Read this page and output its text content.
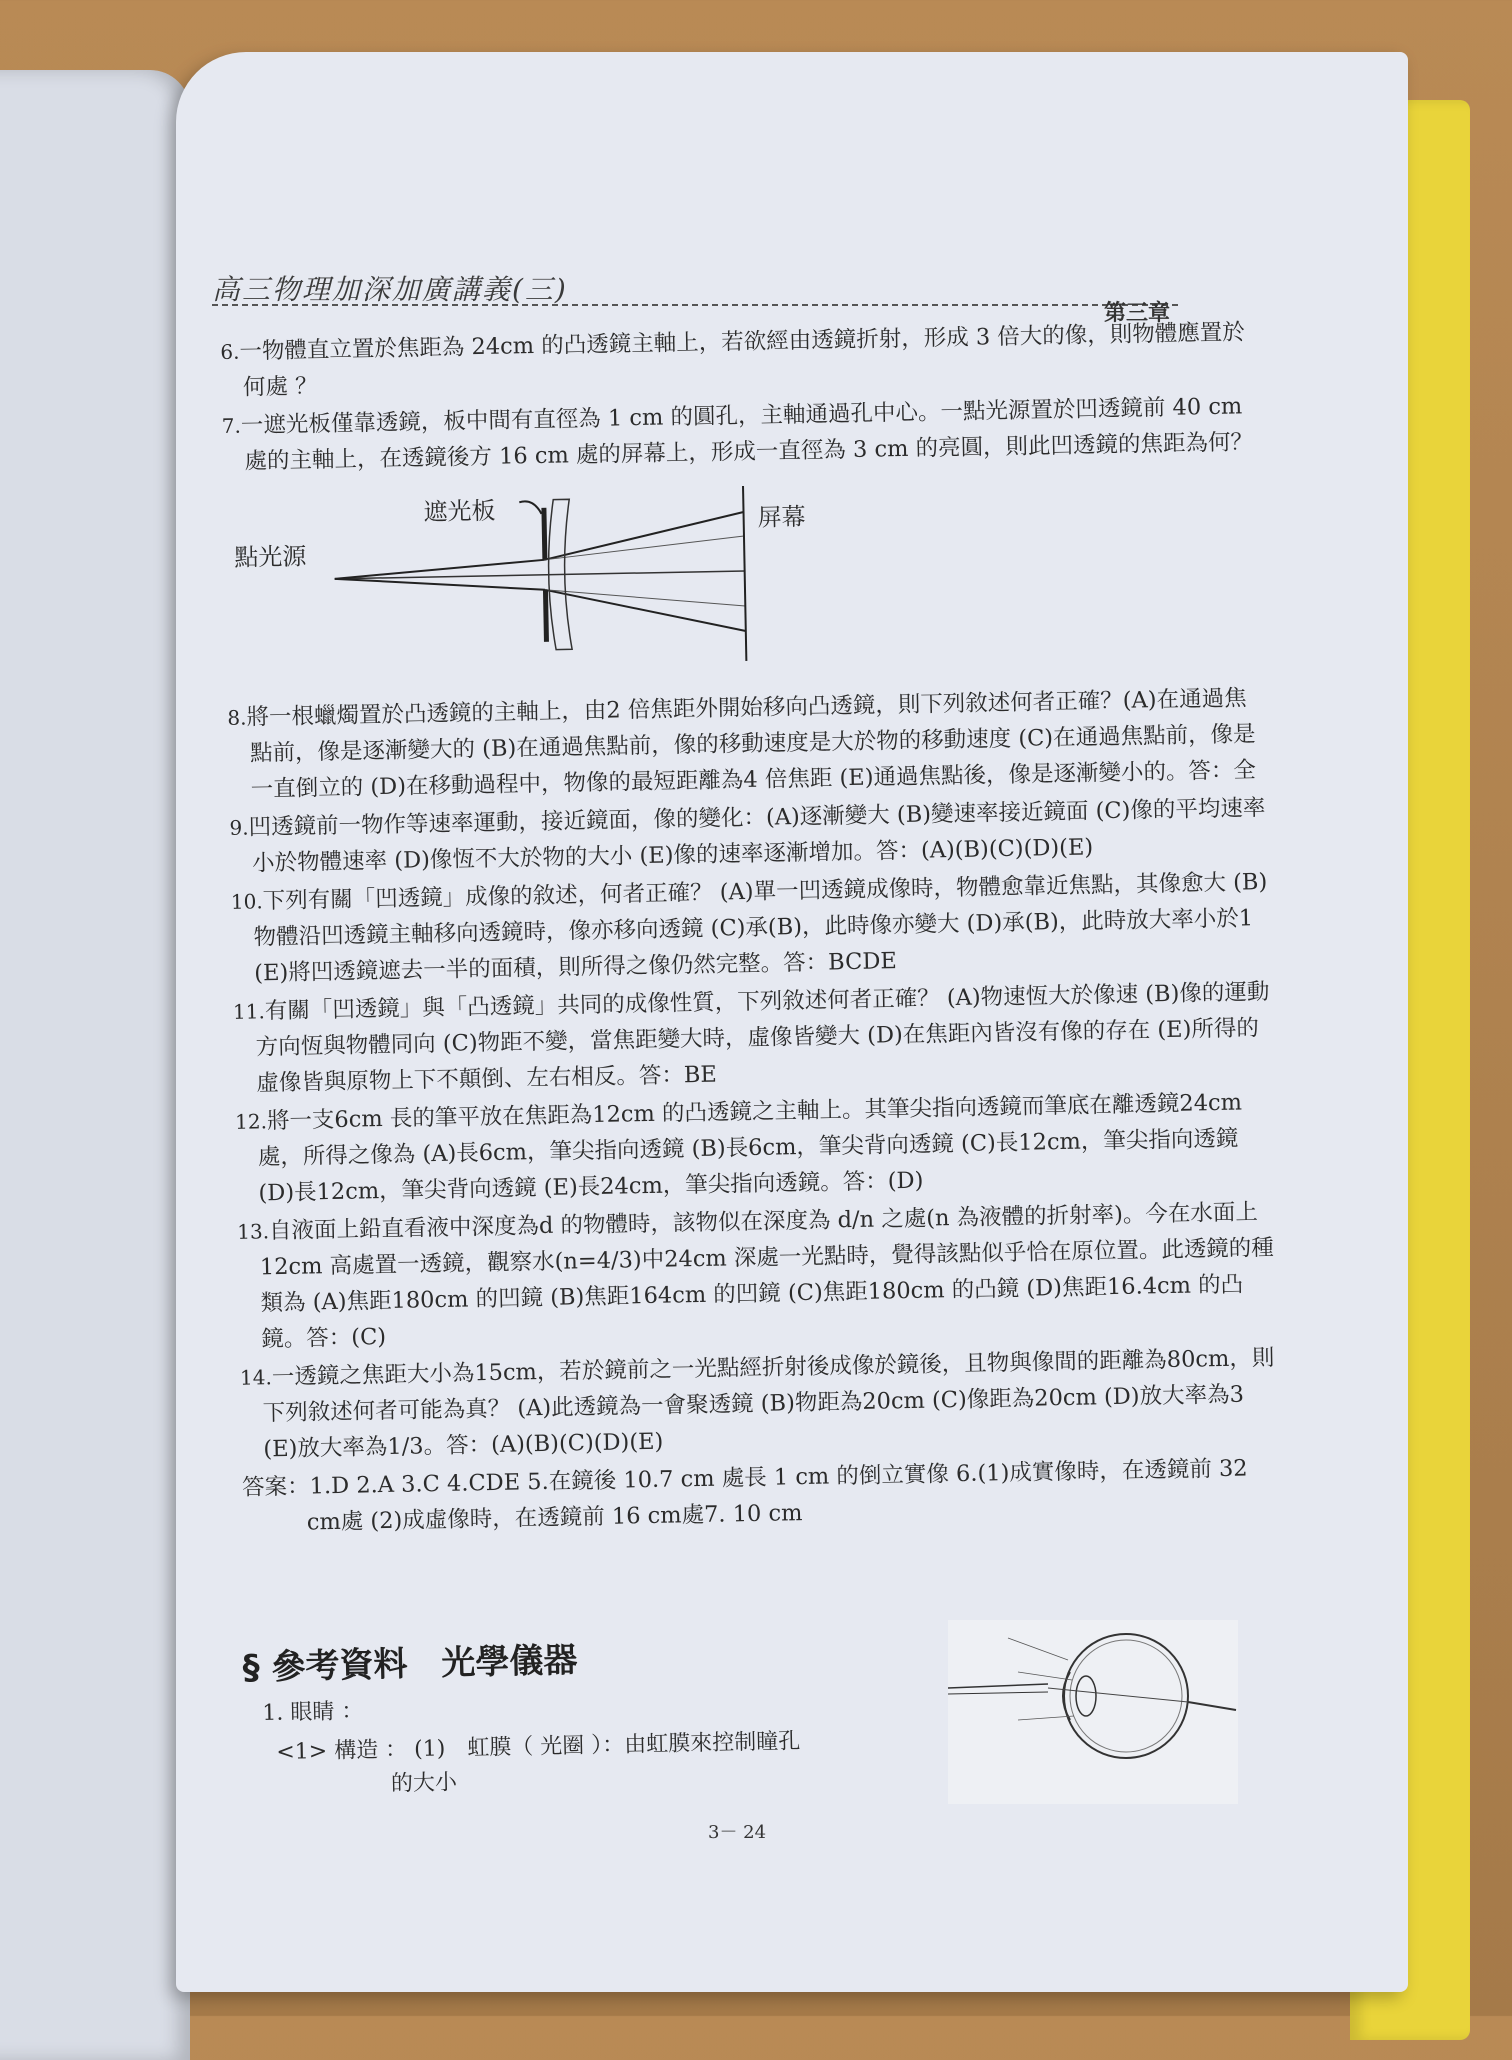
高三物理加深加廣講義(三)
第三章
6.一物體直立置於焦距為 24cm 的凸透鏡主軸上，若欲經由透鏡折射，形成 3 倍大的像，則物體應置於何處 ？
7.一遮光板僅靠透鏡，板中間有直徑為 1 cm 的圓孔，主軸通過孔中心。一點光源置於凹透鏡前 40 cm 處的主軸上，在透鏡後方 16 cm 處的屏幕上，形成一直徑為 3 cm 的亮圓，則此凹透鏡的焦距為何？
點光源
遮光板	屏幕
8.將一根蠟燭置於凸透鏡的主軸上，由2 倍焦距外開始移向凸透鏡，則下列敘述何者正確？(A)在通過焦點前，像是逐漸變大的 (B)在通過焦點前，像的移動速度是大於物的移動速度 (C)在通過焦點前，像是一直倒立的 (D)在移動過程中，物像的最短距離為4 倍焦距 (E)通過焦點後，像是逐漸變小的。答：全
9.凹透鏡前一物作等速率運動，接近鏡面，像的變化：(A)逐漸變大 (B)變速率接近鏡面 (C)像的平均速率小於物體速率 (D)像恆不大於物的大小 (E)像的速率逐漸增加。答：(A)(B)(C)(D)(E)
10.下列有關「凹透鏡」成像的敘述，何者正確？ (A)單一凹透鏡成像時，物體愈靠近焦點，其像愈大 (B)物體沿凹透鏡主軸移向透鏡時，像亦移向透鏡 (C)承(B)，此時像亦變大 (D)承(B)，此時放大率小於1 (E)將凹透鏡遮去一半的面積，則所得之像仍然完整。答：BCDE
11.有關「凹透鏡」與「凸透鏡」共同的成像性質，下列敘述何者正確？ (A)物速恆大於像速 (B)像的運動方向恆與物體同向 (C)物距不變，當焦距變大時，虛像皆變大 (D)在焦距內皆沒有像的存在 (E)所得的虛像皆與原物上下不顛倒、左右相反。答：BE
12.將一支6cm 長的筆平放在焦距為12cm 的凸透鏡之主軸上。其筆尖指向透鏡而筆底在離透鏡24cm 處，所得之像為 (A)長6cm，筆尖指向透鏡 (B)長6cm，筆尖背向透鏡 (C)長12cm，筆尖指向透鏡 (D)長12cm，筆尖背向透鏡 (E)長24cm，筆尖指向透鏡。答：(D)
13.自液面上鉛直看液中深度為d 的物體時，該物似在深度為 d/n 之處(n 為液體的折射率)。今在水面上12cm 高處置一透鏡，觀察水(n=4/3)中24cm 深處一光點時，覺得該點似乎恰在原位置。此透鏡的種類為 (A)焦距180cm 的凹鏡 (B)焦距164cm 的凹鏡 (C)焦距180cm 的凸鏡 (D)焦距16.4cm 的凸鏡。答：(C)
14.一透鏡之焦距大小為15cm，若於鏡前之一光點經折射後成像於鏡後，且物與像間的距離為80cm，則下列敘述何者可能為真？ (A)此透鏡為一會聚透鏡 (B)物距為20cm (C)像距為20cm (D)放大率為3 (E)放大率為1/3。答：(A)(B)(C)(D)(E)
答案：1.D 2.A 3.C 4.CDE 5.在鏡後 10.7 cm 處長 1 cm 的倒立實像 6.(1)成實像時，在透鏡前 32 cm處 (2)成虛像時，在透鏡前 16 cm處7. 10 cm
§ 參考資料　光學儀器
1. 眼睛 ：
<1> 構造 ： (1)　虹膜（ 光圈 ）：由虹膜來控制瞳孔
的大小
3－ 24
